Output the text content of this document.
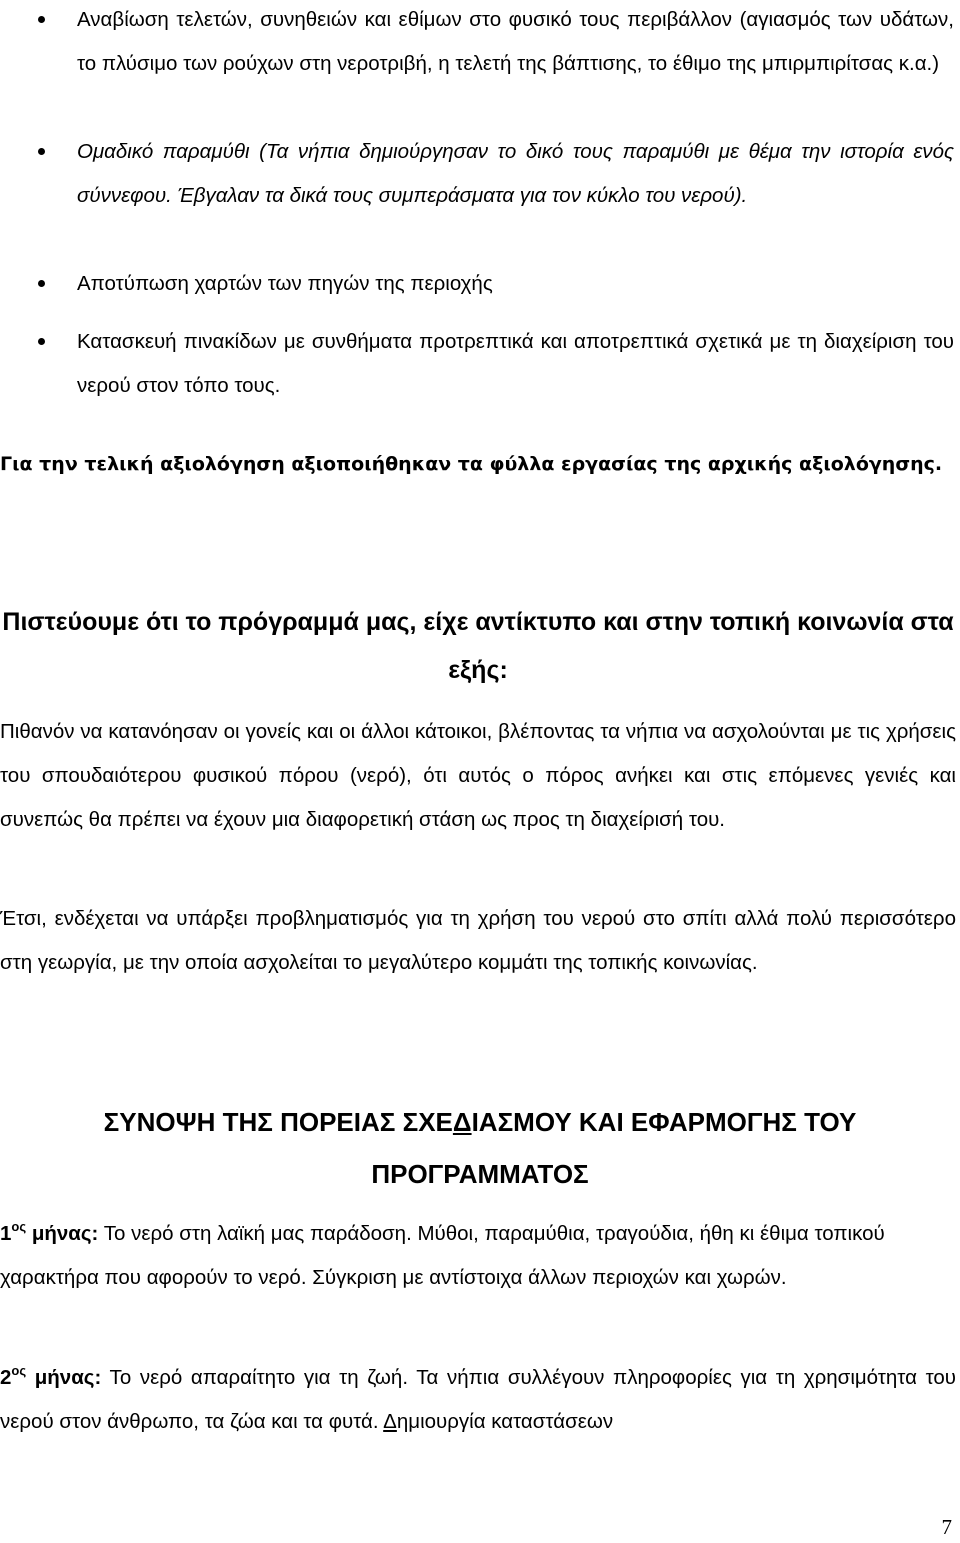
Αναβίωση τελετών, συνηθειών και εθίμων στο φυσικό τους περιβάλλον (αγιασμός των υδάτων, το πλύσιμο των ρούχων στη νεροτριβή, η τελετή της βάπτισης, το έθιμο της μπιρμπιρίτσας κ.α.)
Ομαδικό παραμύθι (Τα νήπια δημιούργησαν το δικό τους παραμύθι με θέμα την ιστορία ενός σύννεφου. Έβγαλαν τα δικά τους συμπεράσματα για τον κύκλο του νερού).
Αποτύπωση χαρτών των πηγών της περιοχής
Κατασκευή πινακίδων με συνθήματα προτρεπτικά και αποτρεπτικά σχετικά με τη διαχείριση του νερού στον τόπο τους.
Για την τελική αξιολόγηση αξιοποιήθηκαν τα φύλλα εργασίας της αρχικής αξιολόγησης.
Πιστεύουμε ότι το πρόγραμμά μας, είχε αντίκτυπο και στην τοπική κοινωνία στα εξής:
Πιθανόν να κατανόησαν οι γονείς και οι άλλοι κάτοικοι, βλέποντας τα νήπια να ασχολούνται με τις χρήσεις του σπουδαιότερου φυσικού πόρου (νερό), ότι αυτός ο πόρος ανήκει και στις επόμενες γενιές και συνεπώς θα πρέπει να έχουν μια διαφορετική στάση ως προς τη διαχείρισή του.
Έτσι, ενδέχεται να υπάρξει προβληματισμός για τη χρήση του νερού στο σπίτι αλλά πολύ περισσότερο στη γεωργία, με την οποία ασχολείται το μεγαλύτερο κομμάτι της τοπικής κοινωνίας.
ΣΥΝΟΨΗ ΤΗΣ ΠΟΡΕΙΑΣ ΣΧΕΔΙΑΣΜΟΥ ΚΑΙ ΕΦΑΡΜΟΓΗΣ ΤΟΥ ΠΡΟΓΡΑΜΜΑΤΟΣ
$1^{o\varsigma}$ μήνας: Το νερό στη λαϊκή μας παράδοση. Μύθοι, παραμύθια, τραγούδια, ήθη κι έθιμα τοπικού χαρακτήρα που αφορούν το νερό. Σύγκριση με αντίστοιχα άλλων περιοχών και χωρών.
$2^{o\varsigma}$ μήνας: Το νερό απαραίτητο για τη ζωή. Τα νήπια συλλέγουν πληροφορίες για τη χρησιμότητα του νερού στον άνθρωπο, τα ζώα και τα φυτά. Δημιουργία καταστάσεων
7
